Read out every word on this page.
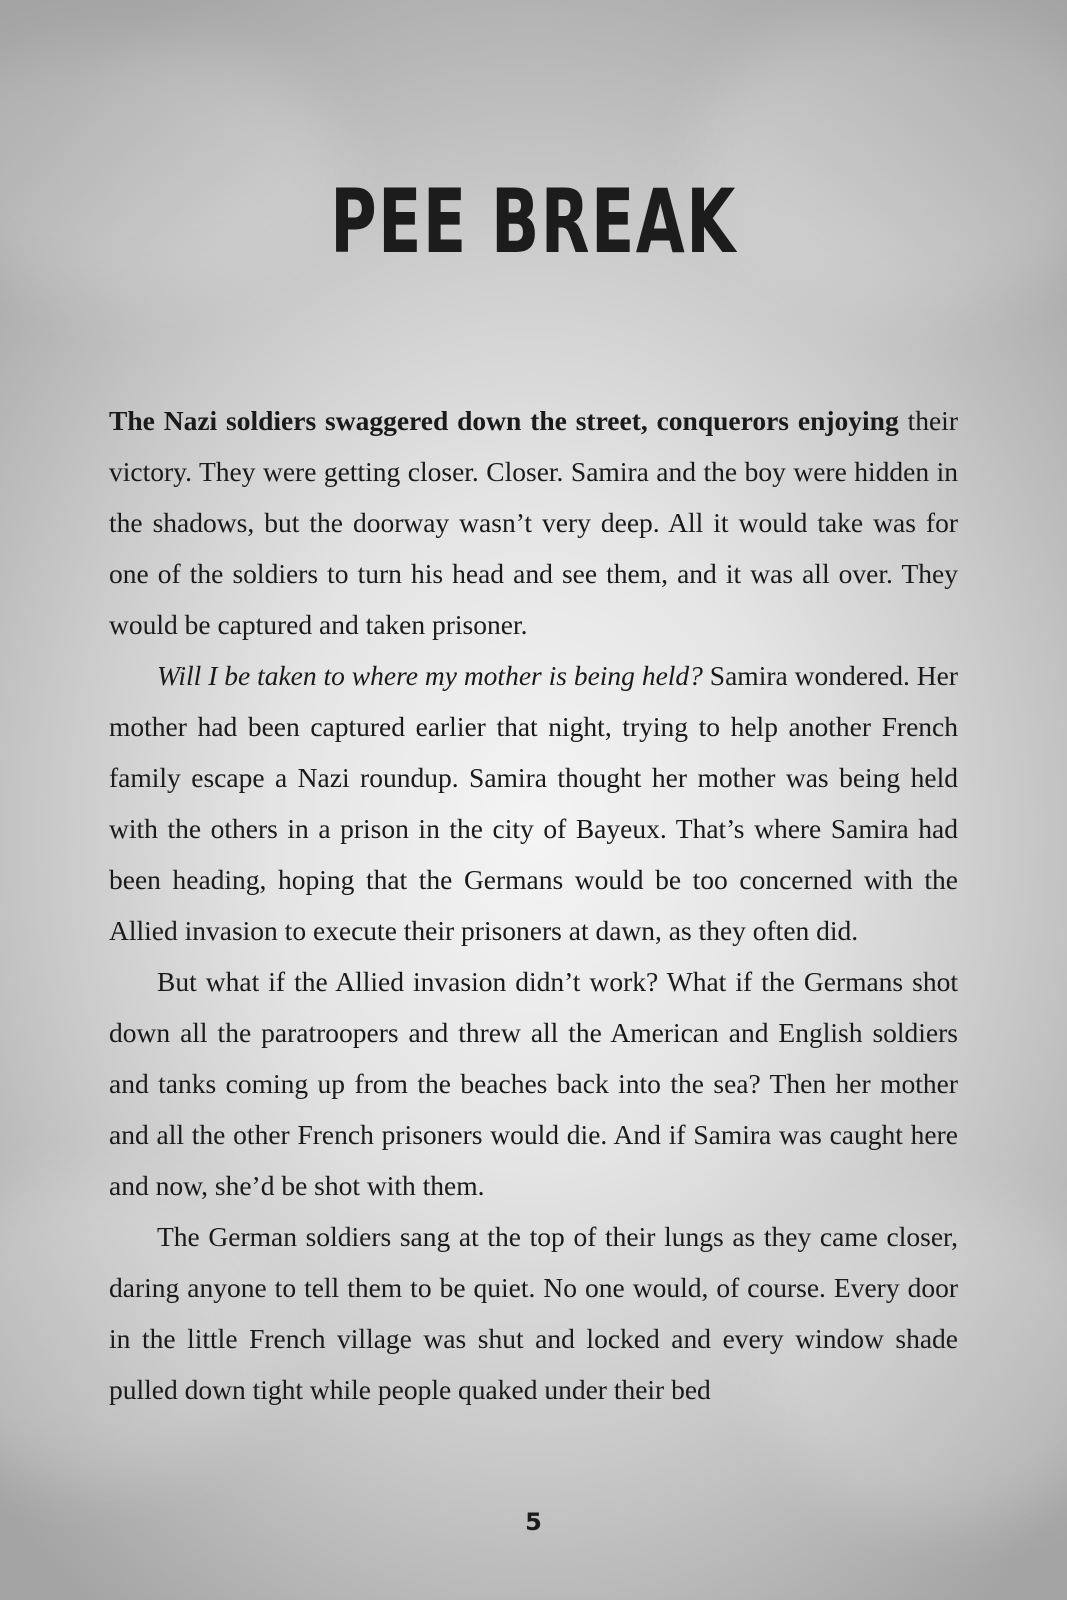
PEE BREAK

The Nazi soldiers swaggered down the street, conquerors enjoying their victory. They were getting closer. Closer. Samira and the boy were hidden in the shadows, but the doorway wasn’t very deep. All it would take was for one of the soldiers to turn his head and see them, and it was all over. They would be captured and taken prisoner.

Will I be taken to where my mother is being held? Samira wondered. Her mother had been captured earlier that night, trying to help another French family escape a Nazi roundup. Samira thought her mother was being held with the others in a prison in the city of Bayeux. That’s where Samira had been heading, hoping that the Germans would be too concerned with the Allied invasion to execute their prisoners at dawn, as they often did.

But what if the Allied invasion didn’t work? What if the Germans shot down all the paratroopers and threw all the American and English soldiers and tanks coming up from the beaches back into the sea? Then her mother and all the other French prisoners would die. And if Samira was caught here and now, she’d be shot with them.

The German soldiers sang at the top of their lungs as they came closer, daring anyone to tell them to be quiet. No one would, of course. Every door in the little French village was shut and locked and every window shade pulled down tight while people quaked under their bed

5
